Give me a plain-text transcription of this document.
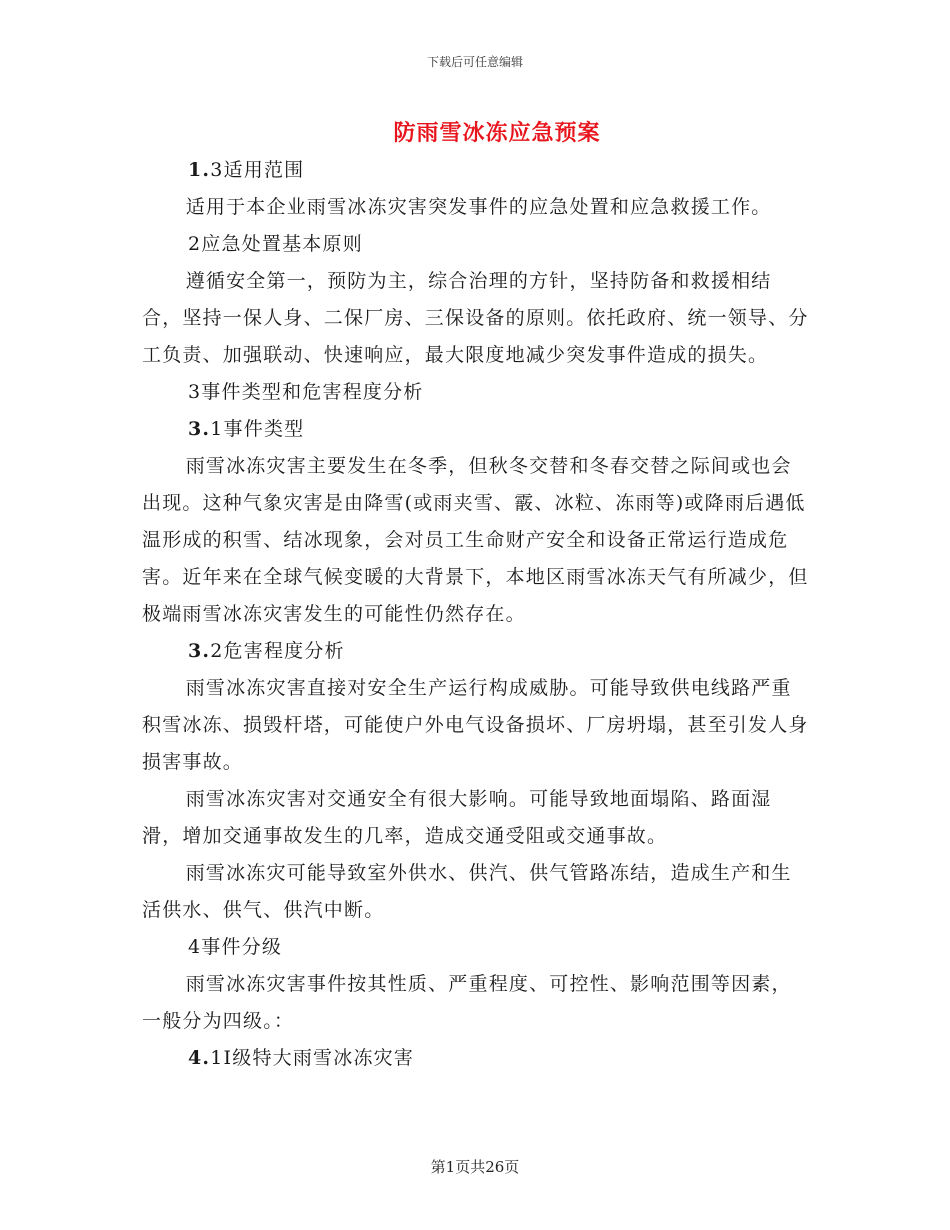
下载后可任意编辑
防雨雪冰冻应急预案

1.3适用范围

适用于本企业雨雪冰冻灾害突发事件的应急处置和应急救援工作。

2应急处置基本原则

遵循安全第一，预防为主，综合治理的方针，坚持防备和救援相结合，坚持一保人身、二保厂房、三保设备的原则。依托政府、统一领导、分工负责、加强联动、快速响应，最大限度地减少突发事件造成的损失。

3事件类型和危害程度分析

3.1事件类型

雨雪冰冻灾害主要发生在冬季，但秋冬交替和冬春交替之际间或也会出现。这种气象灾害是由降雪(或雨夹雪、霰、冰粒、冻雨等)或降雨后遇低温形成的积雪、结冰现象，会对员工生命财产安全和设备正常运行造成危害。近年来在全球气候变暖的大背景下，本地区雨雪冰冻天气有所减少，但极端雨雪冰冻灾害发生的可能性仍然存在。

3.2危害程度分析

雨雪冰冻灾害直接对安全生产运行构成威胁。可能导致供电线路严重积雪冰冻、损毁杆塔，可能使户外电气设备损坏、厂房坍塌，甚至引发人身损害事故。

雨雪冰冻灾害对交通安全有很大影响。可能导致地面塌陷、路面湿滑，增加交通事故发生的几率，造成交通受阻或交通事故。

雨雪冰冻灾可能导致室外供水、供汽、供气管路冻结，造成生产和生活供水、供气、供汽中断。

4事件分级

雨雪冰冻灾害事件按其性质、严重程度、可控性、影响范围等因素，一般分为四级。：

4.1I级特大雨雪冰冻灾害

第1页共26页
